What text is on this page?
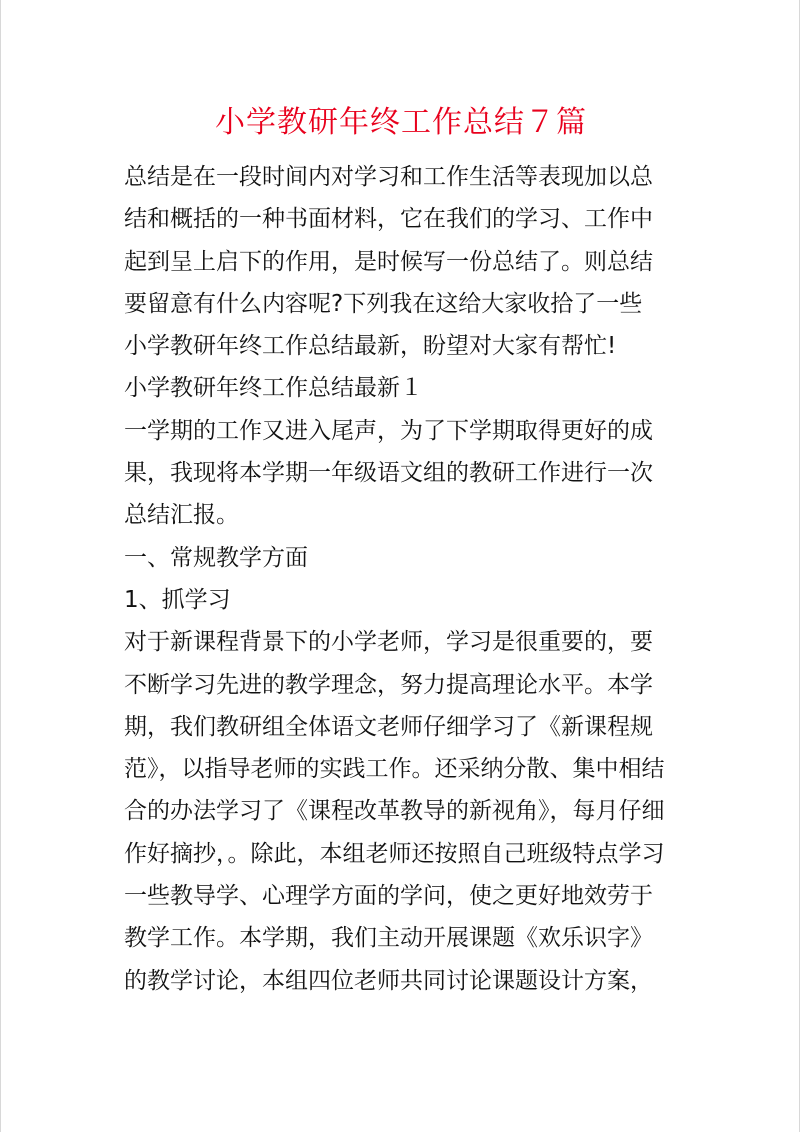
小学教研年终工作总结７篇
总结是在一段时间内对学习和工作生活等表现加以总
结和概括的一种书面材料，它在我们的学习、工作中
起到呈上启下的作用，是时候写一份总结了。则总结
要留意有什么内容呢?下列我在这给大家收拾了一些
小学教研年终工作总结最新，盼望对大家有帮忙!
小学教研年终工作总结最新１
一学期的工作又进入尾声，为了下学期取得更好的成
果，我现将本学期一年级语文组的教研工作进行一次
总结汇报。
一、常规教学方面
1、抓学习
对于新课程背景下的小学老师，学习是很重要的，要
不断学习先进的教学理念，努力提高理论水平。本学
期，我们教研组全体语文老师仔细学习了《新课程规
范》，以指导老师的实践工作。还采纳分散、集中相结
合的办法学习了《课程改革教导的新视角》，每月仔细
作好摘抄，。除此，本组老师还按照自己班级特点学习
一些教导学、心理学方面的学问，使之更好地效劳于
教学工作。本学期，我们主动开展课题《欢乐识字》
的教学讨论，本组四位老师共同讨论课题设计方案，
